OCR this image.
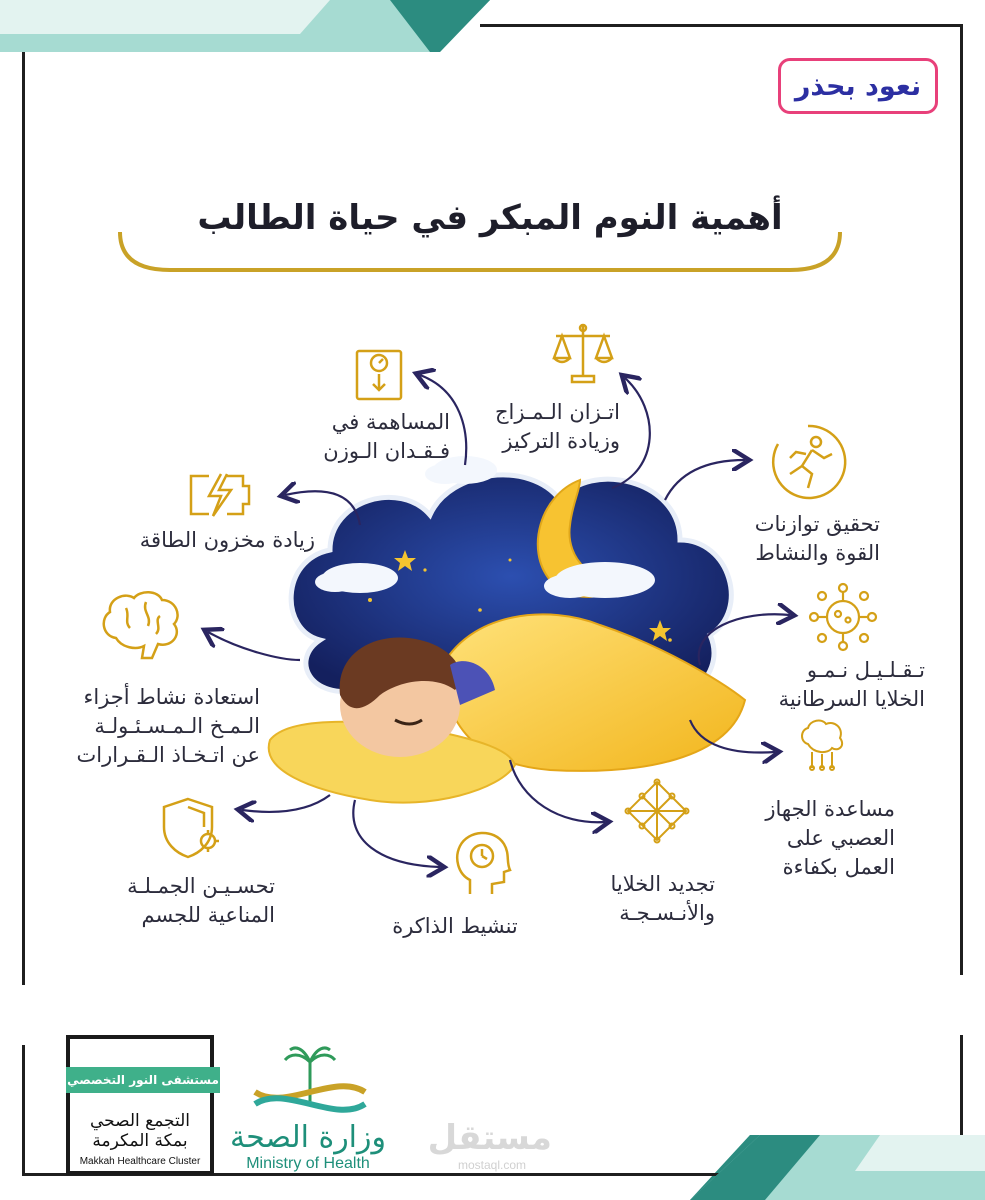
نعود بحذر
أهمية النوم المبكر في حياة الطالب
اتـزان الـمـزاج
وزيادة التركيز
المساهمة في
فـقـدان الـوزن
تحقيق توازنات
القوة والنشاط
زيادة مخزون الطاقة
تـقـلـيـل نـمـو
الخلايا السرطانية
استعادة نشاط أجزاء
الـمـخ الـمـسـئـولـة
عن اتـخـاذ الـقـرارات
مساعدة الجهاز
العصبي على
العمل بكفاءة
تحسـيـن الجمـلـة
المناعية للجسم
تجديد الخلايا
والأنـسـجـة
تنشيط الذاكرة
مستشفى النور التخصصي
التجمع الصحي
بمكة المكرمة
Makkah Healthcare Cluster
وزارة الصحة
Ministry of Health
مستقل
mostaql.com
